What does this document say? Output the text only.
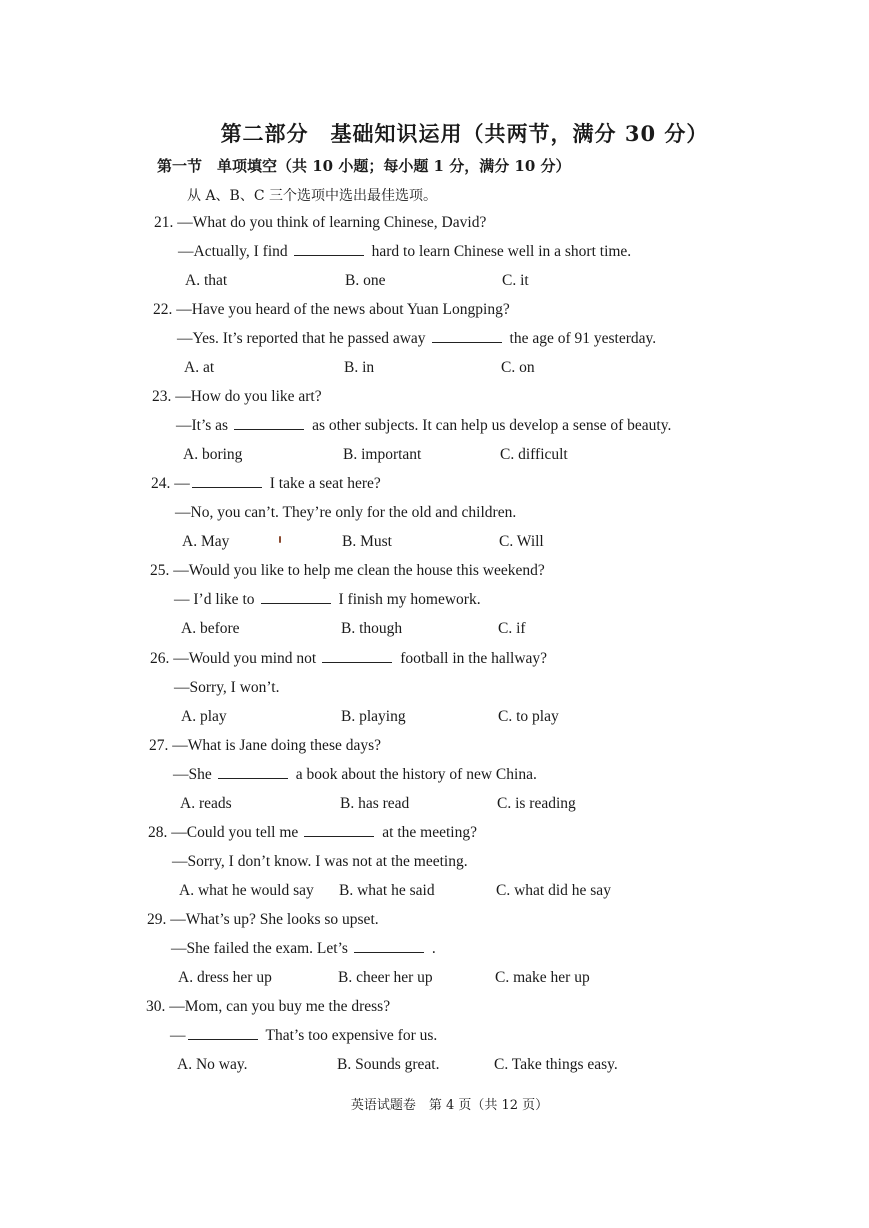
第二部分　基础知识运用（共两节，满分 30 分）
第一节　单项填空（共 10 小题；每小题 1 分，满分 10 分）
从 A、B、C 三个选项中选出最佳选项。
21. —What do you think of learning Chinese, David?
—Actually, I find	hard to learn Chinese well in a short time.
A. that	B. one	C. it
22. —Have you heard of the news about Yuan Longping?
—Yes. It’s reported that he passed away	the age of 91 yesterday.
A. at	B. in	C. on
23. —How do you like art?
—It’s as	as other subjects. It can help us develop a sense of beauty.
A. boring	B. important	C. difficult
24. —	I take a seat here?
—No, you can’t. They’re only for the old and children.
A. May	B. Must	C. Will
25. —Would you like to help me clean the house this weekend?
— I’d like to	I finish my homework.
A. before	B. though	C. if
26. —Would you mind not	football in the hallway?
—Sorry, I won’t.
A. play	B. playing	C. to play
27. —What is Jane doing these days?
—She	a book about the history of new China.
A. reads	B. has read	C. is reading
28. —Could you tell me	at the meeting?
—Sorry, I don’t know. I was not at the meeting.
A. what he would say B. what he said	C. what did he say
29. —What’s up? She looks so upset.
—She failed the exam. Let’s	.
A. dress her up	B. cheer her up	C. make her up
30. —Mom, can you buy me the dress?
—	That’s too expensive for us.
A. No way.	B. Sounds great.	C. Take things easy.
英语试题卷　第 4 页（共 12 页）
